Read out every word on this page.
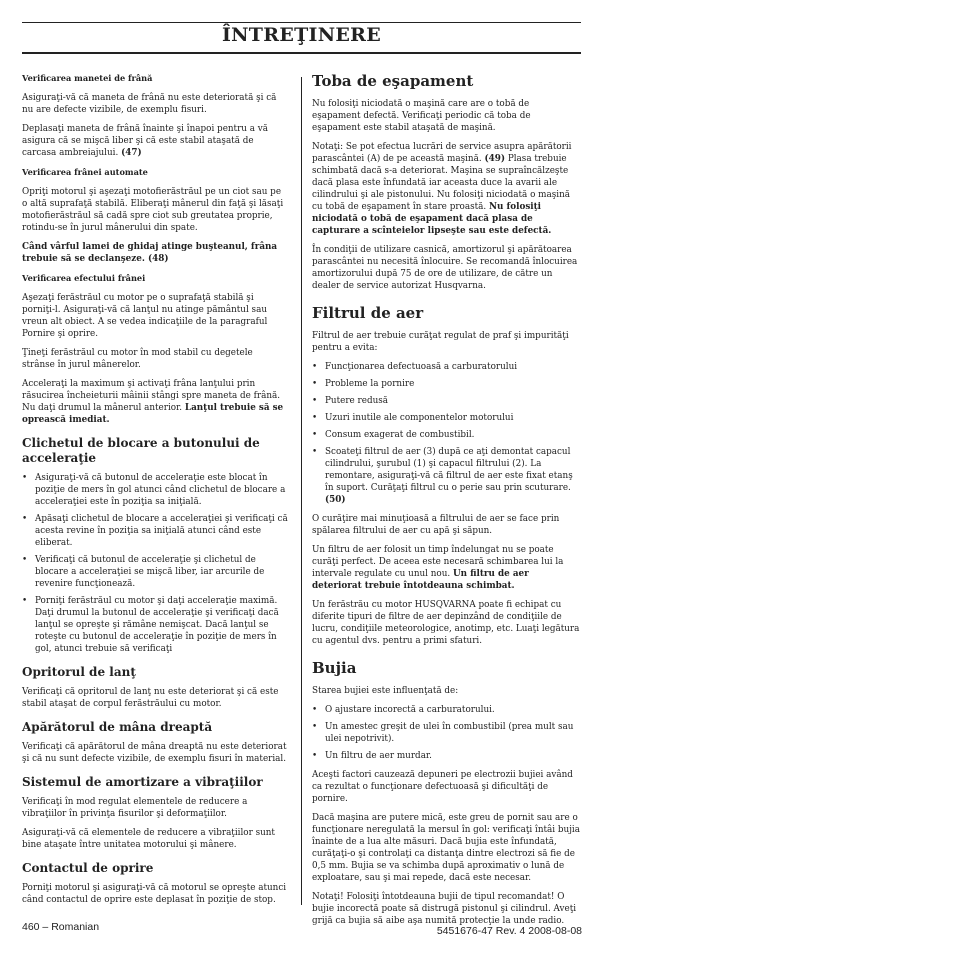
ÎNTREŢINERE

Verificarea manetei de frână

Asiguraţi-vă că maneta de frână nu este deteriorată şi că nu are defecte vizibile, de exemplu fisuri.

Deplasaţi maneta de frână înainte şi înapoi pentru a vă asigura că se mişcă liber şi că este stabil ataşată de carcasa ambreiajului. (47)

Verificarea frânei automate

Opriţi motorul şi aşezaţi motofierăstrăul pe un ciot sau pe o altă suprafaţă stabilă. Eliberaţi mânerul din faţă şi lăsaţi motofierăstrăul să cadă spre ciot sub greutatea proprie, rotindu-se în jurul mânerului din spate.

Când vârful lamei de ghidaj atinge buşteanul, frâna trebuie să se declanşeze. (48)

Verificarea efectului frânei

Aşezaţi ferăstrăul cu motor pe o suprafaţă stabilă şi porniţi-l. Asiguraţi-vă că lanţul nu atinge pământul sau vreun alt obiect. A se vedea indicaţiile de la paragraful Pornire şi oprire.

Ţineţi ferăstrăul cu motor în mod stabil cu degetele strânse în jurul mânerelor.

Acceleraţi la maximum şi activaţi frâna lanţului prin răsucirea încheieturii mâinii stângi spre maneta de frână. Nu daţi drumul la mânerul anterior. Lanţul trebuie să se oprească imediat.

Clichetul de blocare a butonului de acceleraţie
• Asiguraţi-vă că butonul de acceleraţie este blocat în poziţie de mers în gol atunci când clichetul de blocare a acceleraţiei este în poziţia sa iniţială.
• Apăsaţi clichetul de blocare a acceleraţiei şi verificaţi că acesta revine în poziţia sa iniţială atunci când este eliberat.
• Verificaţi că butonul de acceleraţie şi clichetul de blocare a acceleraţiei se mişcă liber, iar arcurile de revenire funcţionează.
• Porniţi ferăstrăul cu motor şi daţi acceleraţie maximă. Daţi drumul la butonul de acceleraţie şi verificaţi dacă lanţul se opreşte şi rămâne nemişcat. Dacă lanţul se roteşte cu butonul de acceleraţie în poziţie de mers în gol, atunci trebuie să verificaţi
Opritorul de lanţ

Verificaţi că opritorul de lanţ nu este deteriorat şi că este stabil ataşat de corpul ferăstrăului cu motor.

Apărătorul de mâna dreaptă

Verificaţi că apărătorul de mâna dreaptă nu este deteriorat şi că nu sunt defecte vizibile, de exemplu fisuri în material.

Sistemul de amortizare a vibraţiilor

Verificaţi în mod regulat elementele de reducere a vibraţiilor în privinţa fisurilor şi deformaţiilor.

Asiguraţi-vă că elementele de reducere a vibraţiilor sunt bine ataşate între unitatea motorului şi mânere.

Contactul de oprire

Porniţi motorul şi asiguraţi-vă că motorul se opreşte atunci când contactul de oprire este deplasat în poziţie de stop.

Toba de eşapament

Nu folosiţi niciodată o maşină care are o tobă de eşapament defectă. Verificaţi periodic că toba de eşapament este stabil ataşată de maşină.

Notaţi: Se pot efectua lucrări de service asupra apărătorii parascântei (A) de pe această maşină. (49) Plasa trebuie schimbată dacă s-a deteriorat. Maşina se supraîncălzeşte dacă plasa este înfundată iar aceasta duce la avarii ale cilindrului şi ale pistonului. Nu folosiţi niciodată o maşină cu tobă de eşapament în stare proastă. Nu folosiţi niciodată o tobă de eşapament dacă plasa de capturare a scînteielor lipseşte sau este defectă.

În condiţii de utilizare casnică, amortizorul şi apărătoarea parascântei nu necesită înlocuire. Se recomandă înlocuirea amortizorului după 75 de ore de utilizare, de către un dealer de service autorizat Husqvarna.

Filtrul de aer

Filtrul de aer trebuie curăţat regulat de praf şi impurităţi pentru a evita:

• Funcţionarea defectuoasă a carburatorului
• Probleme la pornire
• Putere redusă
• Uzuri inutile ale componentelor motorului
• Consum exagerat de combustibil.
• Scoateţi filtrul de aer (3) după ce aţi demontat capacul cilindrului, şurubul (1) şi capacul filtrului (2). La remontare, asiguraţi-vă că filtrul de aer este fixat etanş în suport. Curăţaţi filtrul cu o perie sau prin scuturare. (50)

O curăţire mai minuţioasă a filtrului de aer se face prin spălarea filtrului de aer cu apă şi săpun.

Un filtru de aer folosit un timp îndelungat nu se poate curăţi perfect. De aceea este necesară schimbarea lui la intervale regulate cu unul nou. Un filtru de aer deteriorat trebuie întotdeauna schimbat.

Un ferăstrău cu motor HUSQVARNA poate fi echipat cu diferite tipuri de filtre de aer depinzând de condiţiile de lucru, condiţiile meteorologice, anotimp, etc. Luaţi legătura cu agentul dvs. pentru a primi sfaturi.

Bujia

Starea bujiei este influenţată de:

• O ajustare incorectă a carburatorului.
• Un amestec greşit de ulei în combustibil (prea mult sau ulei nepotrivit).
• Un filtru de aer murdar.

Aceşti factori cauzează depuneri pe electrozii bujiei având ca rezultat o funcţionare defectuoasă şi dificultăţi de pornire.

Dacă maşina are putere mică, este greu de pornit sau are o funcţionare neregulată la mersul în gol: verificaţi întâi bujia înainte de a lua alte măsuri. Dacă bujia este înfundată, curăţaţi-o şi controlaţi ca distanţa dintre electrozi să fie de 0,5 mm. Bujia se va schimba după aproximativ o lună de exploatare, sau şi mai repede, dacă este necesar.

Notaţi! Folosiţi întotdeauna bujii de tipul recomandat! O bujie incorectă poate să distrugă pistonul şi cilindrul. Aveţi grijă ca bujia să aibe aşa numită protecţie la unde radio.

460 – Romanian	5451676-47 Rev. 4 2008-08-08
